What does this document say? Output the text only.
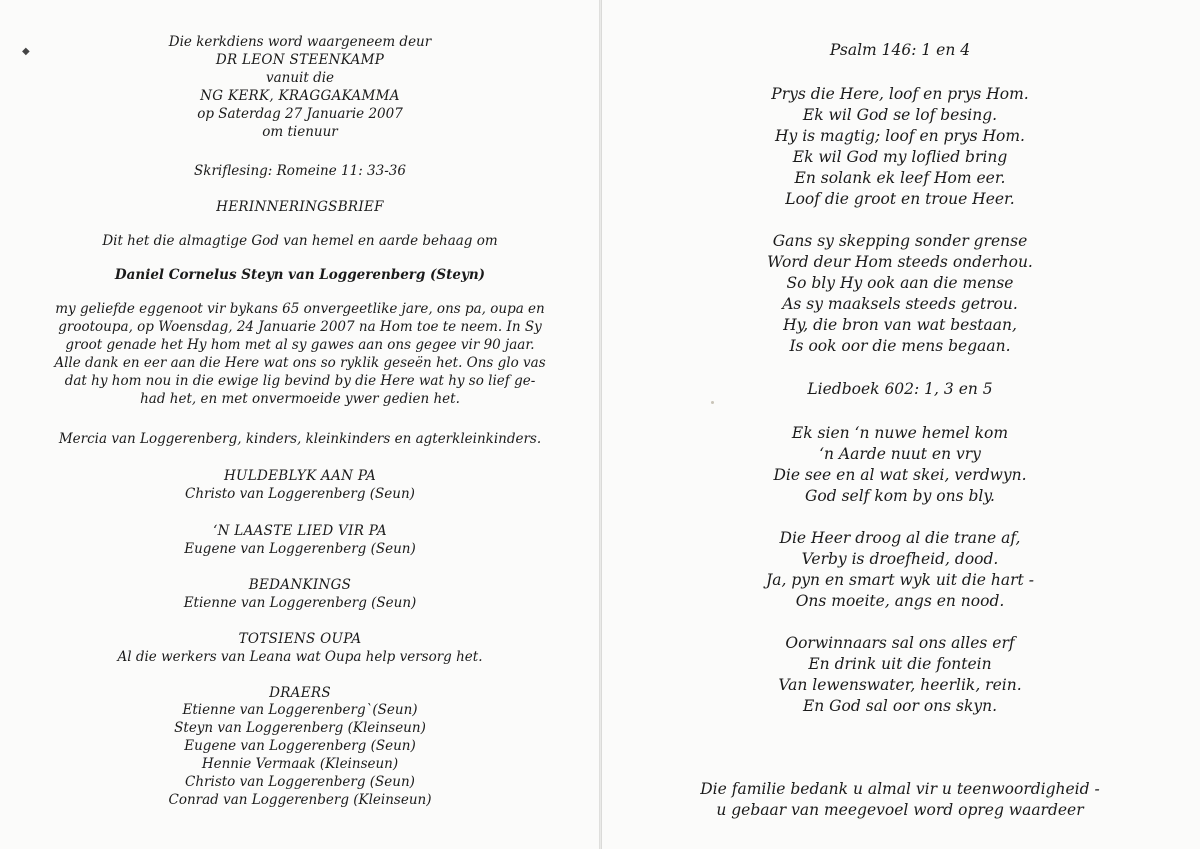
◆
Die kerkdiens word waargeneem deur
DR LEON STEENKAMP
vanuit die
NG KERK, KRAGGAKAMMA
op Saterdag 27 Januarie 2007
om tienuur
Skriflesing: Romeine 11: 33-36
HERINNERINGSBRIEF
Dit het die almagtige God van hemel en aarde behaag om
Daniel Cornelus Steyn van Loggerenberg (Steyn)
my geliefde eggenoot vir bykans 65 onvergeetlike jare, ons pa, oupa en
grootoupa, op Woensdag, 24 Januarie 2007 na Hom toe te neem. In Sy
groot genade het Hy hom met al sy gawes aan ons gegee vir 90 jaar.
Alle dank en eer aan die Here wat ons so ryklik geseën het. Ons glo vas
dat hy hom nou in die ewige lig bevind by die Here wat hy so lief ge-
had het, en met onvermoeide ywer gedien het.
Mercia van Loggerenberg, kinders, kleinkinders en agterkleinkinders.
HULDEBLYK AAN PA
Christo van Loggerenberg (Seun)
‘N LAASTE LIED VIR PA
Eugene van Loggerenberg (Seun)
BEDANKINGS
Etienne van Loggerenberg (Seun)
TOTSIENS OUPA
Al die werkers van Leana wat Oupa help versorg het.
DRAERS
Etienne van Loggerenberg`(Seun)
Steyn van Loggerenberg (Kleinseun)
Eugene van Loggerenberg (Seun)
Hennie Vermaak (Kleinseun)
Christo van Loggerenberg (Seun)
Conrad van Loggerenberg (Kleinseun)
Psalm 146: 1 en 4
Prys die Here, loof en prys Hom.
Ek wil God se lof besing.
Hy is magtig; loof en prys Hom.
Ek wil God my loflied bring
En solank ek leef Hom eer.
Loof die groot en troue Heer.
Gans sy skepping sonder grense
Word deur Hom steeds onderhou.
So bly Hy ook aan die mense
As sy maaksels steeds getrou.
Hy, die bron van wat bestaan,
Is ook oor die mens begaan.
Liedboek 602: 1, 3 en 5
Ek sien ‘n nuwe hemel kom
‘n Aarde nuut en vry
Die see en al wat skei, verdwyn.
God self kom by ons bly.
Die Heer droog al die trane af,
Verby is droefheid, dood.
Ja, pyn en smart wyk uit die hart -
Ons moeite, angs en nood.
Oorwinnaars sal ons alles erf
En drink uit die fontein
Van lewenswater, heerlik, rein.
En God sal oor ons skyn.
Die familie bedank u almal vir u teenwoordigheid -
u gebaar van meegevoel word opreg waardeer
